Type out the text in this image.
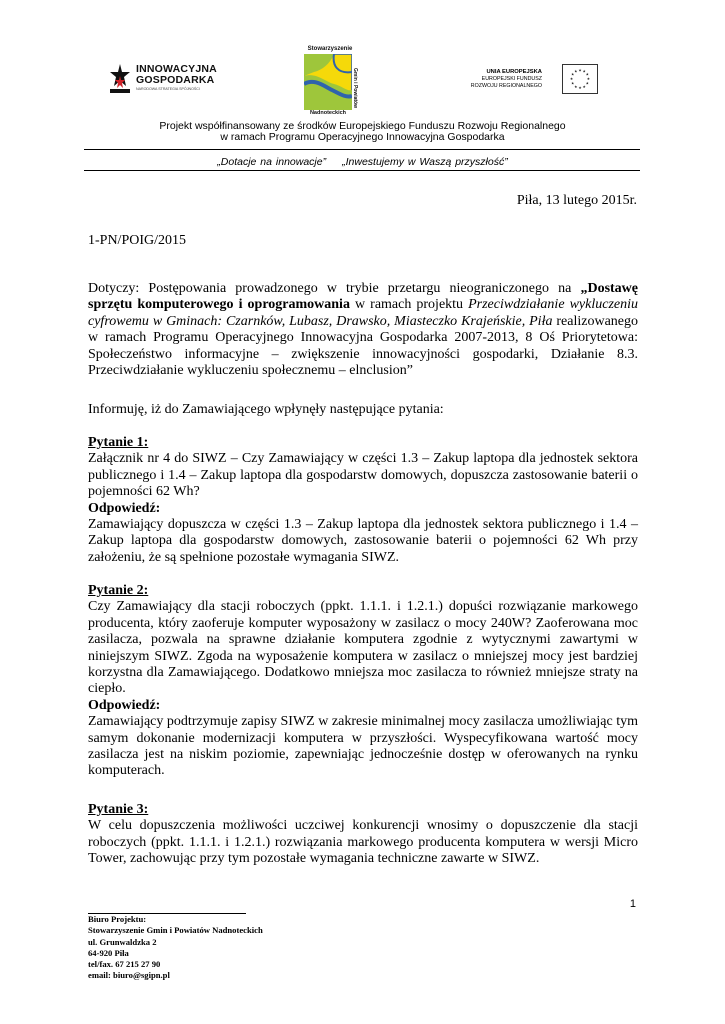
INNOWACYJNA
GOSPODARKA
NARODOWA STRATEGIA SPÓJNOŚCI
Stowarzyszenie
Gmin i Powiatów
Nadnoteckich
UNIA EUROPEJSKA
EUROPEJSKI FUNDUSZ
ROZWOJU REGIONALNEGO
★ ★
★
★
★
★
★
★
★
★
★
★
Projekt współfinansowany ze środków Europejskiego Funduszu Rozwoju Regionalnego
w ramach Programu Operacyjnego Innowacyjna Gospodarka
„Dotacje na innowacje” „Inwestujemy w Waszą przyszłość”
Piła, 13 lutego 2015r.
1-PN/POIG/2015
Dotyczy: Postępowania prowadzonego w trybie przetargu nieograniczonego na „Dostawę sprzętu komputerowego i oprogramowania w ramach projektu Przeciwdziałanie wykluczeniu cyfrowemu w Gminach: Czarnków, Lubasz, Drawsko, Miasteczko Krajeńskie, Piła realizowanego w ramach Programu Operacyjnego Innowacyjna Gospodarka 2007-2013, 8 Oś Priorytetowa: Społeczeństwo informacyjne – zwiększenie innowacyjności gospodarki, Działanie 8.3. Przeciwdziałanie wykluczeniu społecznemu – elnclusion”
Informuję, iż do Zamawiającego wpłynęły następujące pytania:
Pytanie 1:
Załącznik nr 4 do SIWZ – Czy Zamawiający w części 1.3 – Zakup laptopa dla jednostek sektora publicznego i 1.4 – Zakup laptopa dla gospodarstw domowych, dopuszcza zastosowanie baterii o pojemności 62 Wh?
Odpowiedź:
Zamawiający dopuszcza w części 1.3 – Zakup laptopa dla jednostek sektora publicznego i 1.4 – Zakup laptopa dla gospodarstw domowych, zastosowanie baterii o pojemności 62 Wh przy założeniu, że są spełnione pozostałe wymagania SIWZ.
Pytanie 2:
Czy Zamawiający dla stacji roboczych (ppkt. 1.1.1. i 1.2.1.) dopuści rozwiązanie markowego producenta, który zaoferuje komputer wyposażony w zasilacz o mocy 240W? Zaoferowana moc zasilacza, pozwala na sprawne działanie komputera zgodnie z wytycznymi zawartymi w niniejszym SIWZ. Zgoda na wyposażenie komputera w zasilacz o mniejszej mocy jest bardziej korzystna dla Zamawiającego. Dodatkowo mniejsza moc zasilacza to również mniejsze straty na ciepło.
Odpowiedź:
Zamawiający podtrzymuje zapisy SIWZ w zakresie minimalnej mocy zasilacza umożliwiając tym samym dokonanie modernizacji komputera w przyszłości. Wyspecyfikowana wartość mocy zasilacza jest na niskim poziomie, zapewniając jednocześnie dostęp w oferowanych na rynku komputerach.
Pytanie 3:
W celu dopuszczenia możliwości uczciwej konkurencji wnosimy o dopuszczenie dla stacji roboczych (ppkt. 1.1.1. i 1.2.1.) rozwiązania markowego producenta komputera w wersji Micro Tower, zachowując przy tym pozostałe wymagania techniczne zawarte w SIWZ.
1
Biuro Projektu:
Stowarzyszenie Gmin i Powiatów Nadnoteckich
ul. Grunwaldzka 2
64-920 Piła
tel/fax. 67 215 27 90
email: biuro@sgipn.pl
